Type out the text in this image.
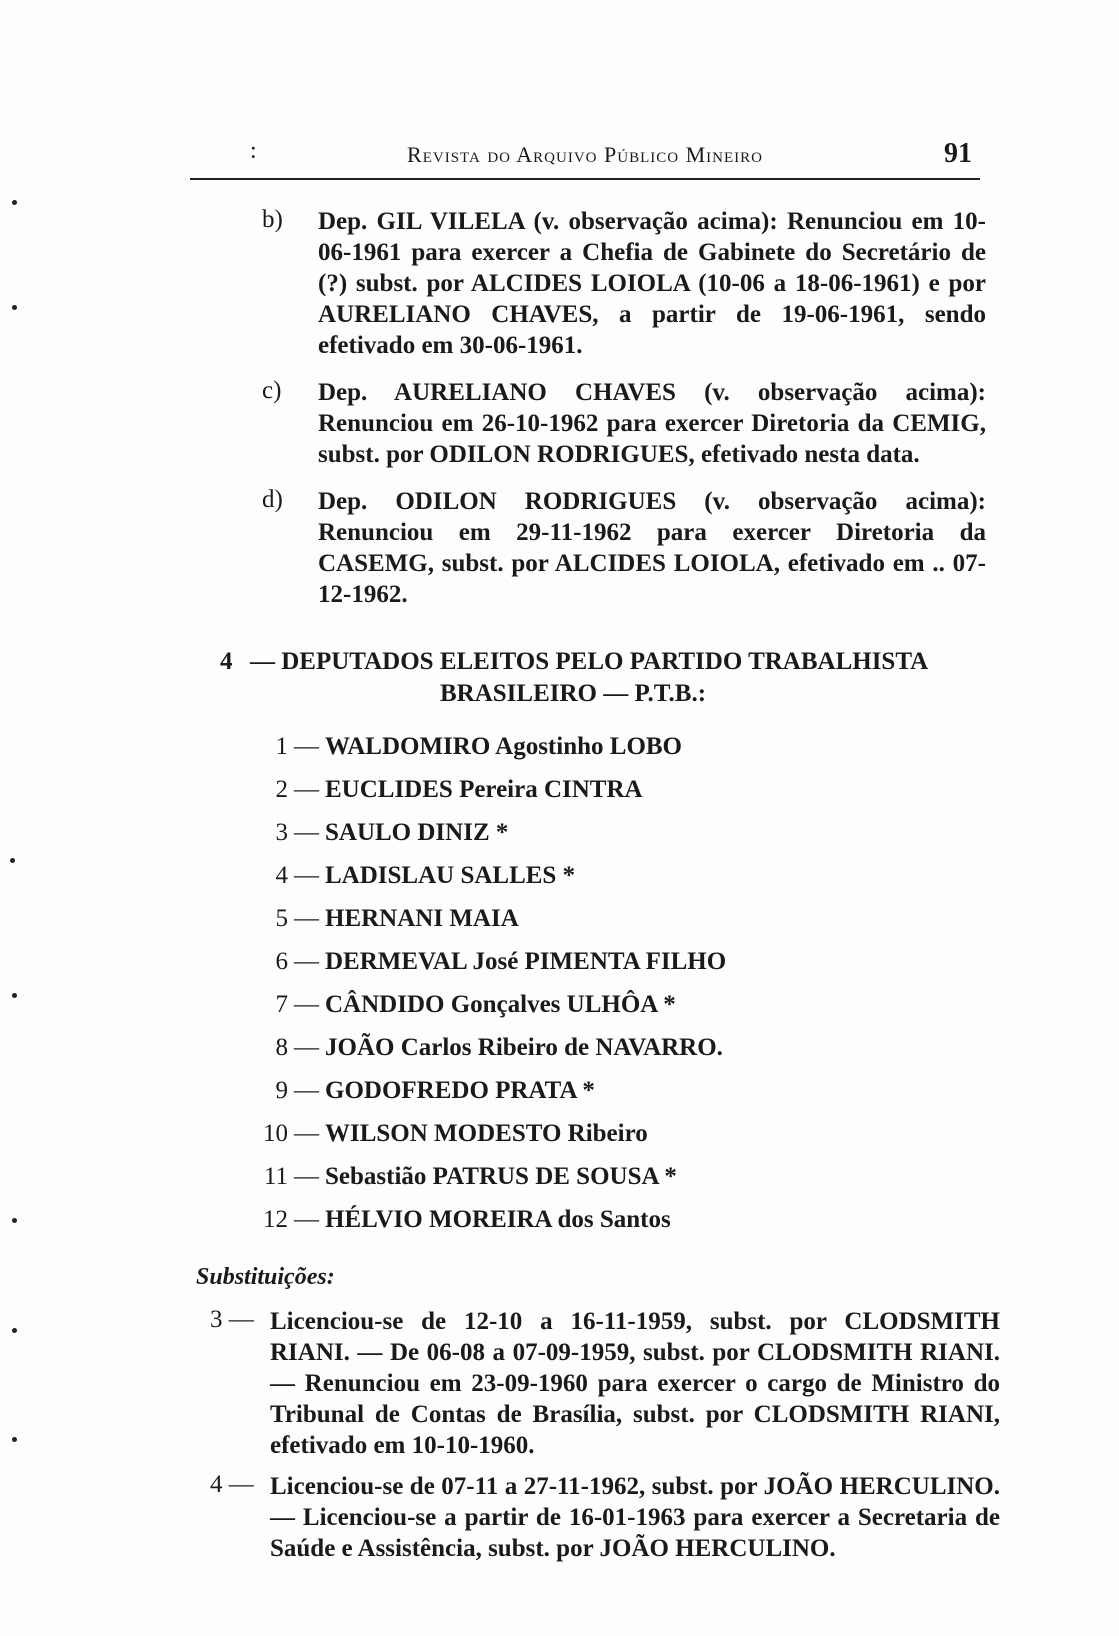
:	Revista do Arquivo Público Mineiro	91
b) Dep. GIL VILELA (v. observação acima): Renunciou em 10-06-1961 para exercer a Chefia de Gabinete do Secretário de (?) subst. por ALCIDES LOIOLA (10-06 a 18-06-1961) e por AURELIANO CHAVES, a partir de 19-06-1961, sendo efetivado em 30-06-1961.
c) Dep. AURELIANO CHAVES (v. observação acima): Renunciou em 26-10-1962 para exercer Diretoria da CEMIG, subst. por ODILON RODRIGUES, efetivado nesta data.
d) Dep. ODILON RODRIGUES (v. observação acima): Renunciou em 29-11-1962 para exercer Diretoria da CASEMG, subst. por ALCIDES LOIOLA, efetivado em .. 07-12-1962.
4 — DEPUTADOS ELEITOS PELO PARTIDO TRABALHISTA
BRASILEIRO — P.T.B.:
1 — WALDOMIRO Agostinho LOBO
2 — EUCLIDES Pereira CINTRA
3 — SAULO DINIZ *
4 — LADISLAU SALLES *
5 — HERNANI MAIA
6 — DERMEVAL José PIMENTA FILHO
7 — CÂNDIDO Gonçalves ULHÔA *
8 — JOÃO Carlos Ribeiro de NAVARRO.
9 — GODOFREDO PRATA *
10 — WILSON MODESTO Ribeiro
11 — Sebastião PATRUS DE SOUSA *
12 — HÉLVIO MOREIRA dos Santos
Substituições:
3 — Licenciou-se de 12-10 a 16-11-1959, subst. por CLODSMITH RIANI. — De 06-08 a 07-09-1959, subst. por CLODSMITH RIANI. — Renunciou em 23-09-1960 para exercer o cargo de Ministro do Tribunal de Contas de Brasília, subst. por CLODSMITH RIANI, efetivado em 10-10-1960.
4 — Licenciou-se de 07-11 a 27-11-1962, subst. por JOÃO HERCULINO. — Licenciou-se a partir de 16-01-1963 para exercer a Secretaria de Saúde e Assistência, subst. por JOÃO HERCULINO.
